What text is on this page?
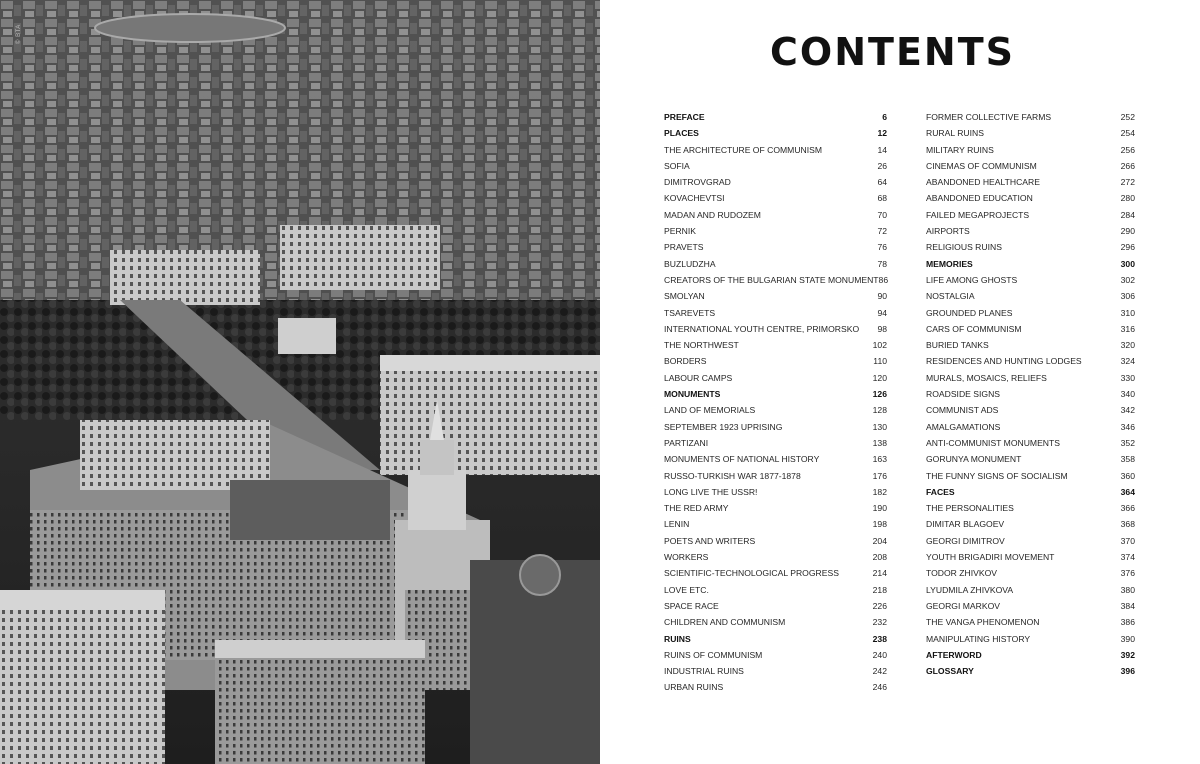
© BTA	CONTENTS
PREFACE	6
PLACES	12
THE ARCHITECTURE OF COMMUNISM	14
SOFIA	26
DIMITROVGRAD	64
KOVACHEVTSI	68
MADAN AND RUDOZEM	70
PERNIK	72
PRAVETS	76
BUZLUDZHA	78
CREATORS OF THE BULGARIAN STATE MONUMENT 86
SMOLYAN	90
TSAREVETS	94
INTERNATIONAL YOUTH CENTRE, PRIMORSKO 98
THE NORTHWEST	102
BORDERS	110
LABOUR CAMPS	120
MONUMENTS	126
LAND OF MEMORIALS	128
SEPTEMBER 1923 UPRISING	130
PARTIZANI	138
MONUMENTS OF NATIONAL HISTORY	163
RUSSO-TURKISH WAR 1877-1878	176
LONG LIVE THE USSR!	182
THE RED ARMY	190
LENIN	198
POETS AND WRITERS	204
WORKERS	208
SCIENTIFIC-TECHNOLOGICAL PROGRESS	214
LOVE ETC.	218
SPACE RACE	226
CHILDREN AND COMMUNISM	232
RUINS	238
RUINS OF COMMUNISM	240
INDUSTRIAL RUINS	242
URBAN RUINS	246
FORMER COLLECTIVE FARMS	252
RURAL RUINS	254
MILITARY RUINS	256
CINEMAS OF COMMUNISM	266
ABANDONED HEALTHCARE	272
ABANDONED EDUCATION	280
FAILED MEGAPROJECTS	284
AIRPORTS	290
RELIGIOUS RUINS	296
MEMORIES	300
LIFE AMONG GHOSTS	302
NOSTALGIA	306
GROUNDED PLANES	310
CARS OF COMMUNISM	316
BURIED TANKS	320
RESIDENCES AND HUNTING LODGES	324
MURALS, MOSAICS, RELIEFS	330
ROADSIDE SIGNS	340
COMMUNIST ADS	342
AMALGAMATIONS	346
ANTI-COMMUNIST MONUMENTS	352
GORUNYA MONUMENT	358
THE FUNNY SIGNS OF SOCIALISM	360
FACES	364
THE PERSONALITIES	366
DIMITAR BLAGOEV	368
GEORGI DIMITROV	370
YOUTH BRIGADIRI MOVEMENT	374
TODOR ZHIVKOV	376
LYUDMILA ZHIVKOVA	380
GEORGI MARKOV	384
THE VANGA PHENOMENON	386
MANIPULATING HISTORY	390
AFTERWORD	392
GLOSSARY	396
